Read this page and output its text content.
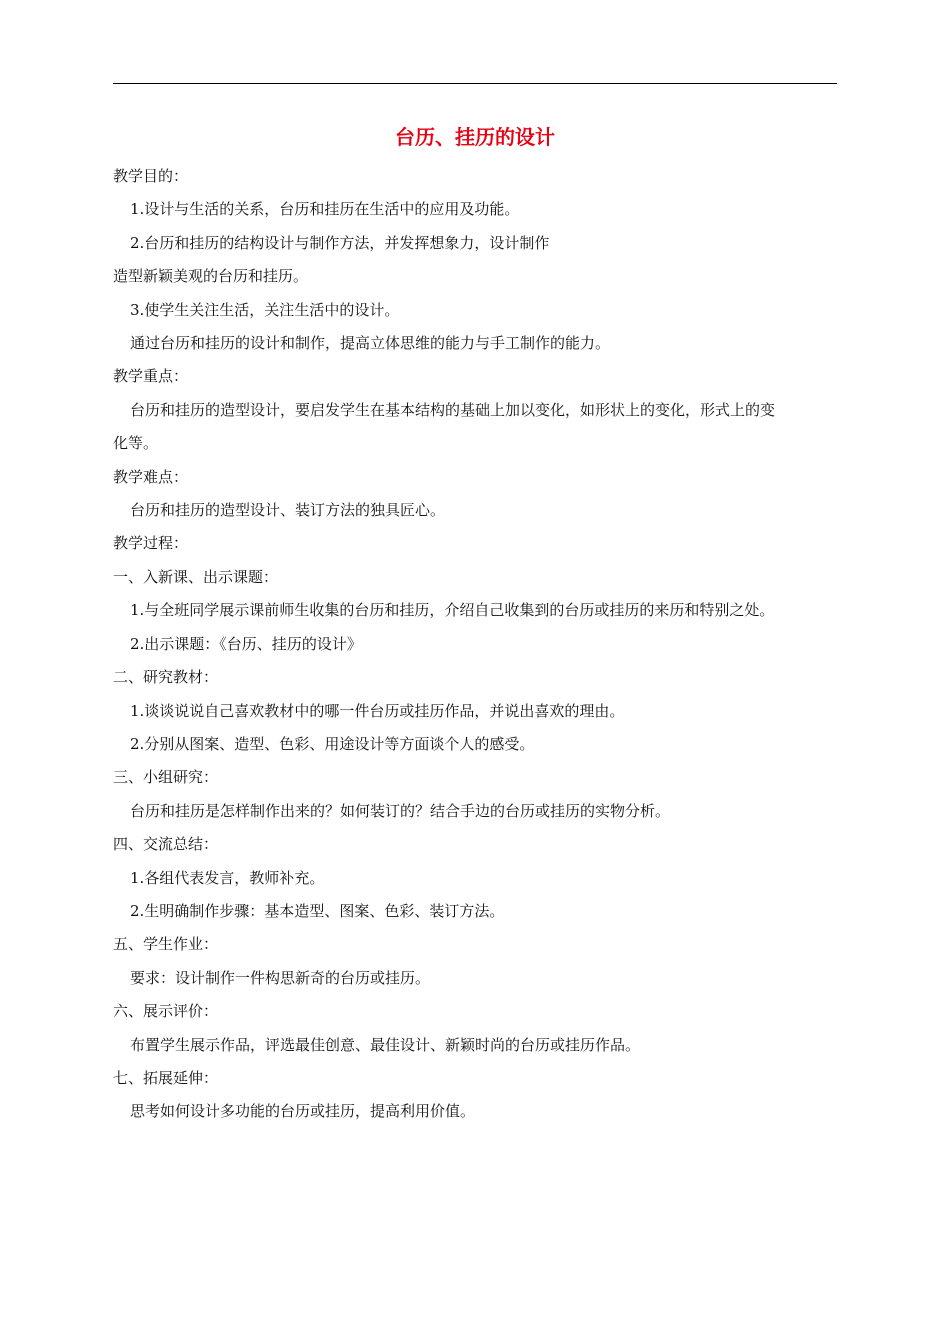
台历、挂历的设计

教学目的：

1.设计与生活的关系，台历和挂历在生活中的应用及功能。

2.台历和挂历的结构设计与制作方法，并发挥想象力，设计制作

造型新颖美观的台历和挂历。

3.使学生关注生活，关注生活中的设计。

通过台历和挂历的设计和制作，提高立体思维的能力与手工制作的能力。

教学重点：

台历和挂历的造型设计，要启发学生在基本结构的基础上加以变化，如形状上的变化，形式上的变

化等。

教学难点：

台历和挂历的造型设计、装订方法的独具匠心。

教学过程：

一、入新课、出示课题：

1.与全班同学展示课前师生收集的台历和挂历，介绍自己收集到的台历或挂历的来历和特别之处。

2.出示课题：《台历、挂历的设计》

二、研究教材：

1.谈谈说说自己喜欢教材中的哪一件台历或挂历作品，并说出喜欢的理由。

2.分别从图案、造型、色彩、用途设计等方面谈个人的感受。

三、小组研究：

台历和挂历是怎样制作出来的？如何装订的？结合手边的台历或挂历的实物分析。

四、交流总结：

1.各组代表发言，教师补充。

2.生明确制作步骤：基本造型、图案、色彩、装订方法。

五、学生作业：

要求：设计制作一件构思新奇的台历或挂历。

六、展示评价：

布置学生展示作品，评选最佳创意、最佳设计、新颖时尚的台历或挂历作品。

七、拓展延伸：

思考如何设计多功能的台历或挂历，提高利用价值。
